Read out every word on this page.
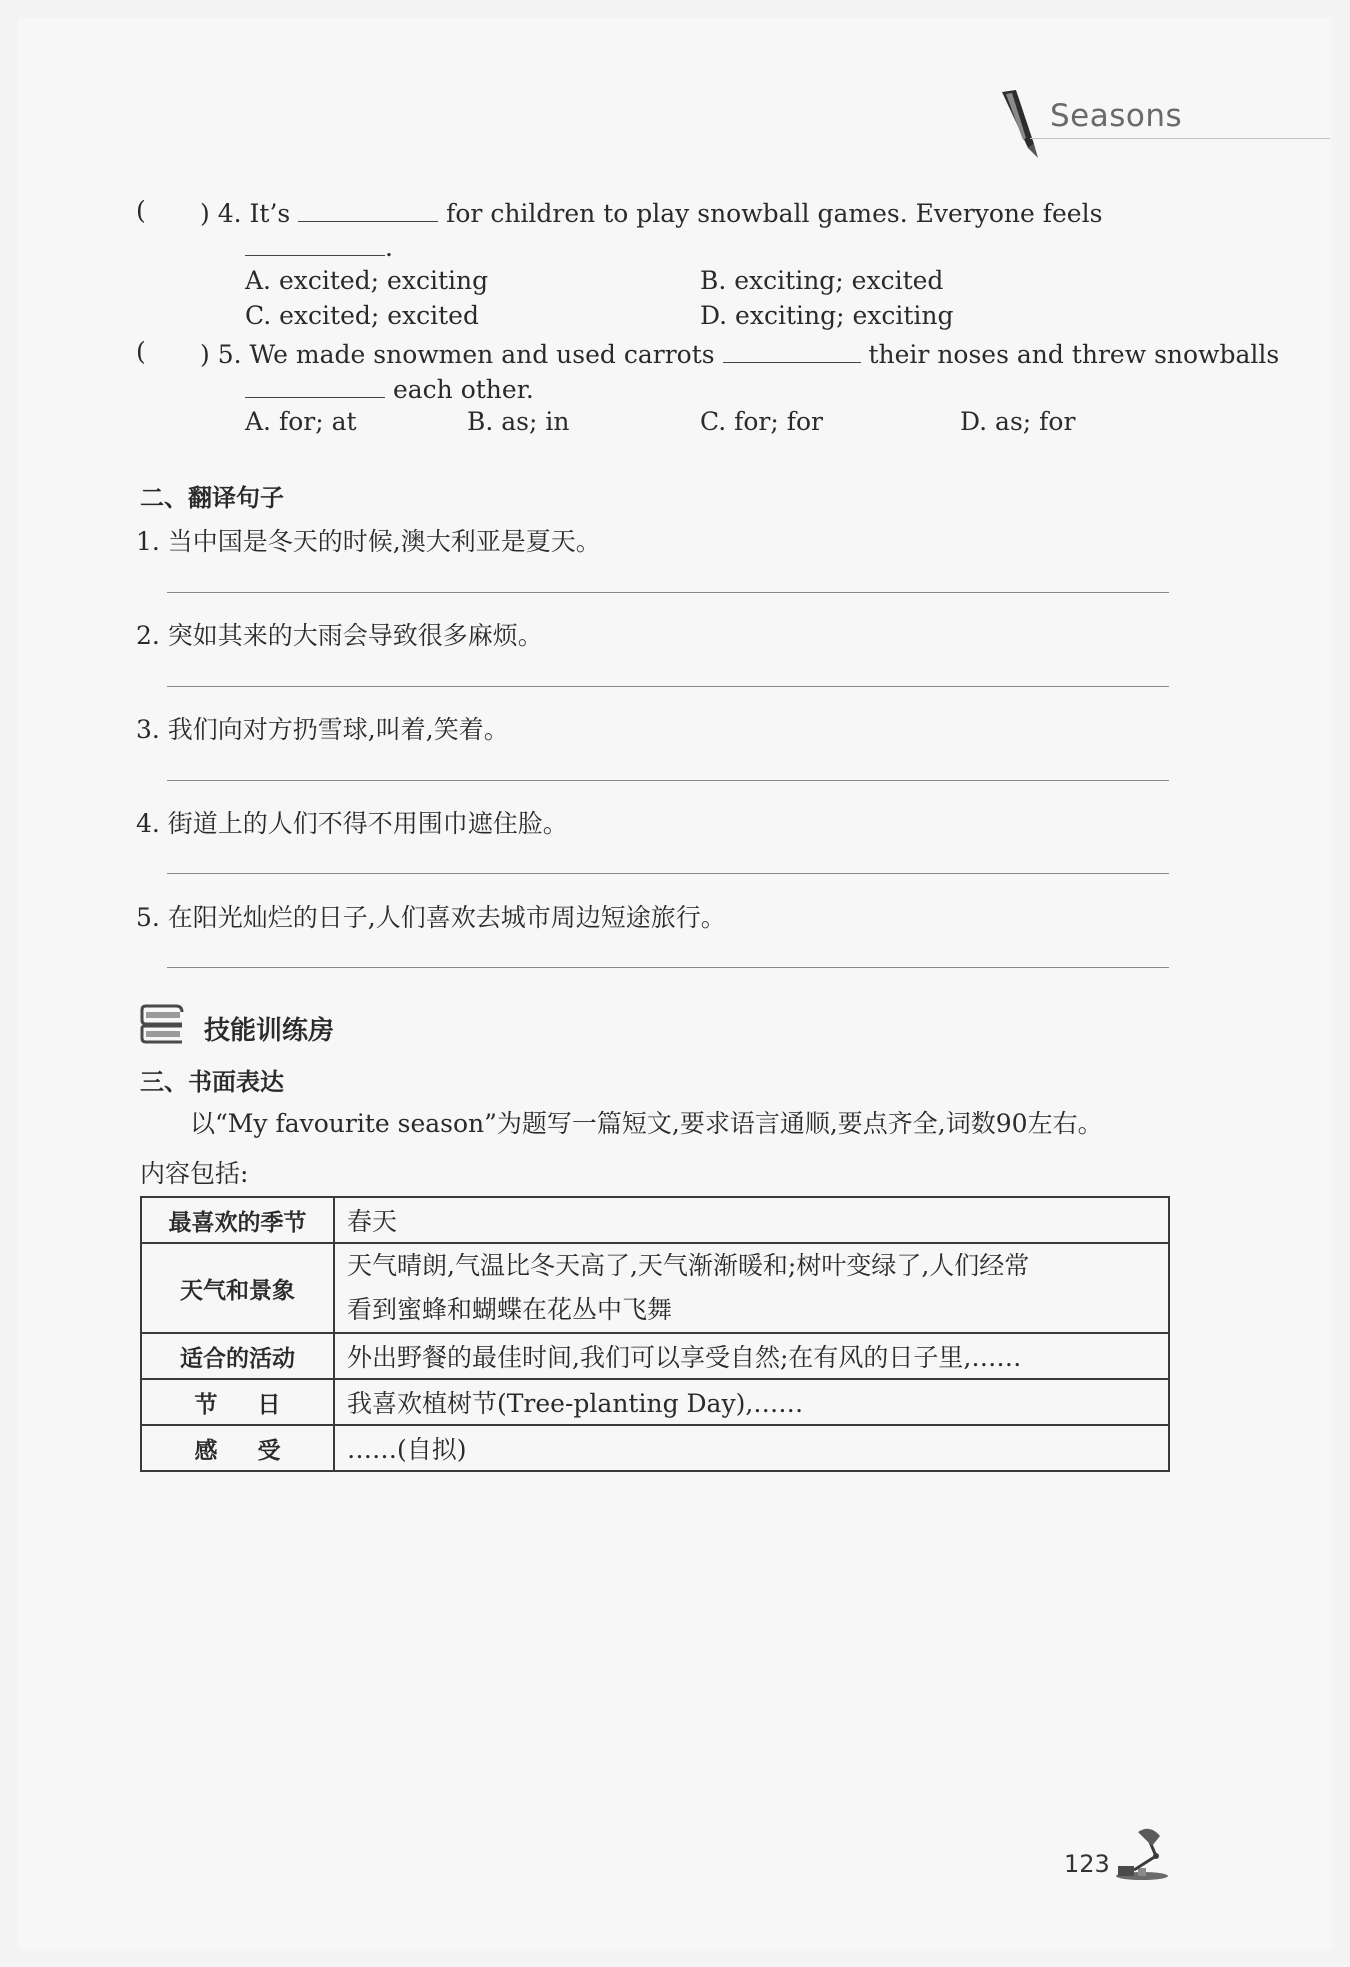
Seasons
( ) 4. It’s	for children to play snowball games. Everyone feels
.
A. excited; exciting	B. exciting; excited
C. excited; excited	D. exciting; exciting
( ) 5. We made snowmen and used carrots	their noses and threw snowballs
each other.
A. for; at	B. as; in	C. for; for	D. as; for
二、翻译句子
1. 当中国是冬天的时候,澳大利亚是夏天。
2. 突如其来的大雨会导致很多麻烦。
3. 我们向对方扔雪球,叫着,笑着。
4. 街道上的人们不得不用围巾遮住脸。
5. 在阳光灿烂的日子,人们喜欢去城市周边短途旅行。
技能训练房
三、书面表达
以“My favourite season”为题写一篇短文,要求语言通顺,要点齐全,词数90左右。
内容包括:
最喜欢的季节	春天
天气和景象	天气晴朗,气温比冬天高了,天气渐渐暖和;树叶变绿了,人们经常
看到蜜蜂和蝴蝶在花丛中飞舞

适合的活动	外出野餐的最佳时间,我们可以享受自然;在有风的日子里,……
节日	我喜欢植树节(Tree-planting Day),……
感受	……(自拟)
123
